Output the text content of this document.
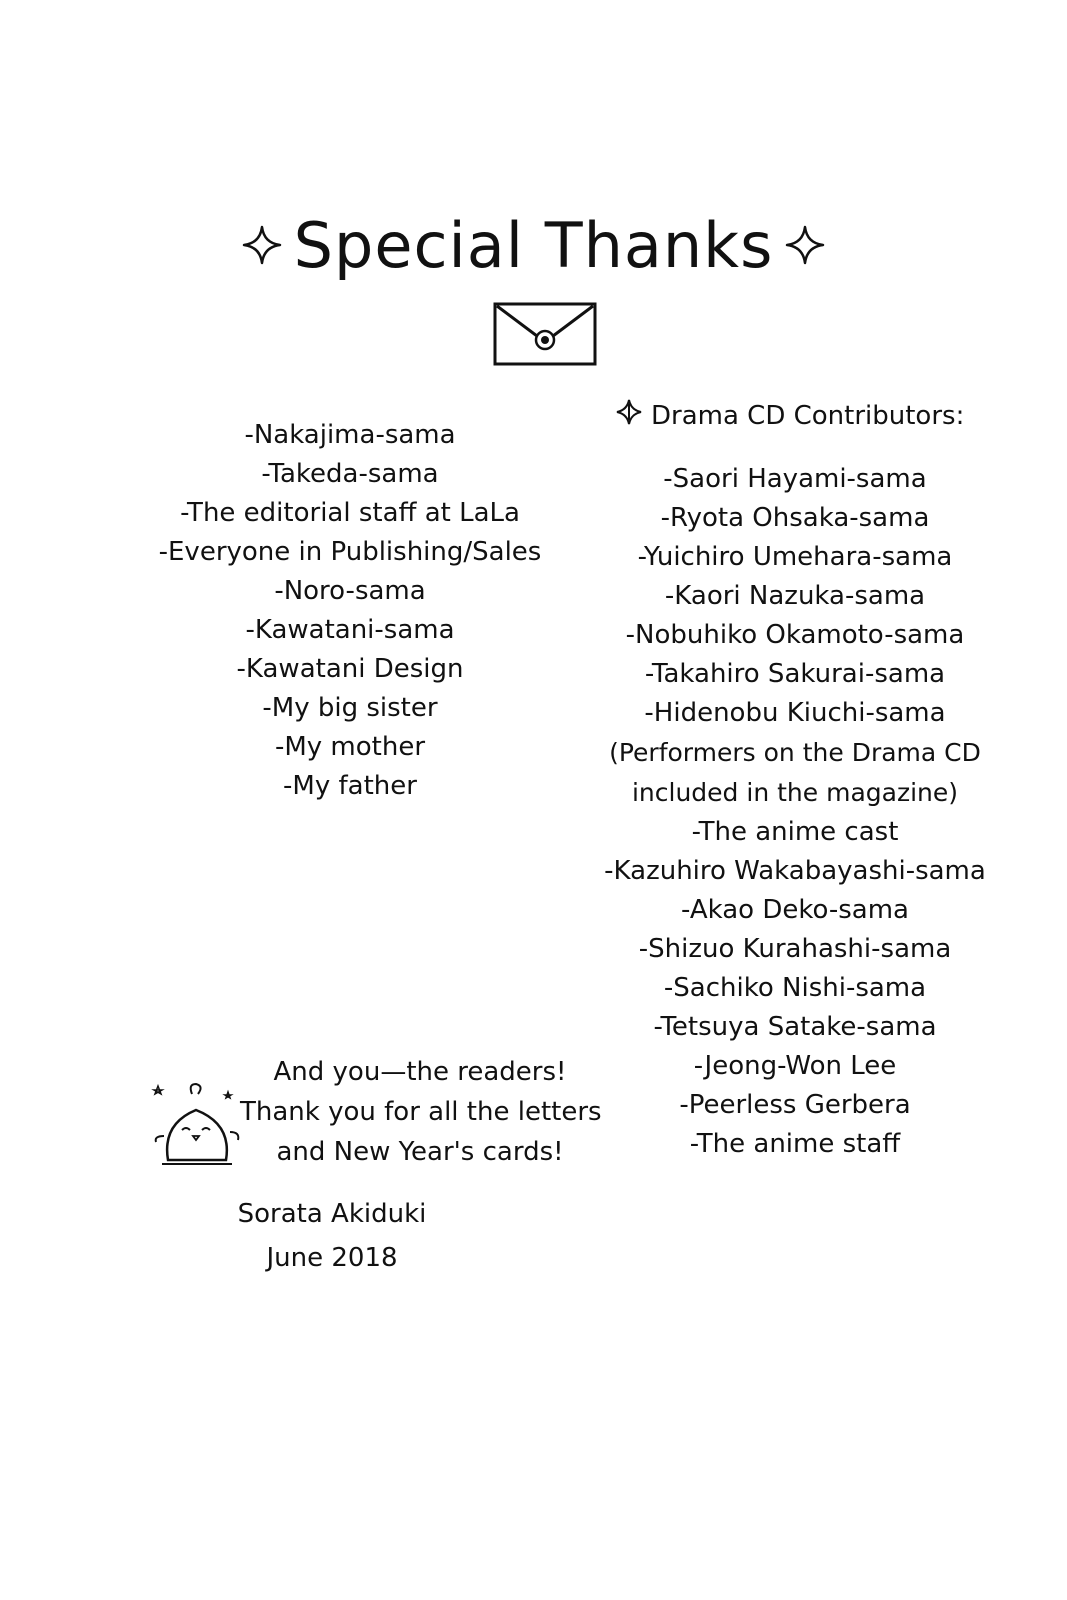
Special Thanks
-Nakajima-sama
-Takeda-sama
-The editorial staff at LaLa
-Everyone in Publishing/Sales
-Noro-sama
-Kawatani-sama
-Kawatani Design
-My big sister
-My mother
-My father
Drama CD Contributors:
-Saori Hayami-sama
-Ryota Ohsaka-sama
-Yuichiro Umehara-sama
-Kaori Nazuka-sama
-Nobuhiko Okamoto-sama
-Takahiro Sakurai-sama
-Hidenobu Kiuchi-sama
(Performers on the Drama CD
included in the magazine)
-The anime cast
-Kazuhiro Wakabayashi-sama
-Akao Deko-sama
-Shizuo Kurahashi-sama
-Sachiko Nishi-sama
-Tetsuya Satake-sama
-Jeong-Won Lee
-Peerless Gerbera
-The anime staff
And you—the readers!
Thank you for all the letters
and New Year's cards!
Sorata Akiduki
June 2018
